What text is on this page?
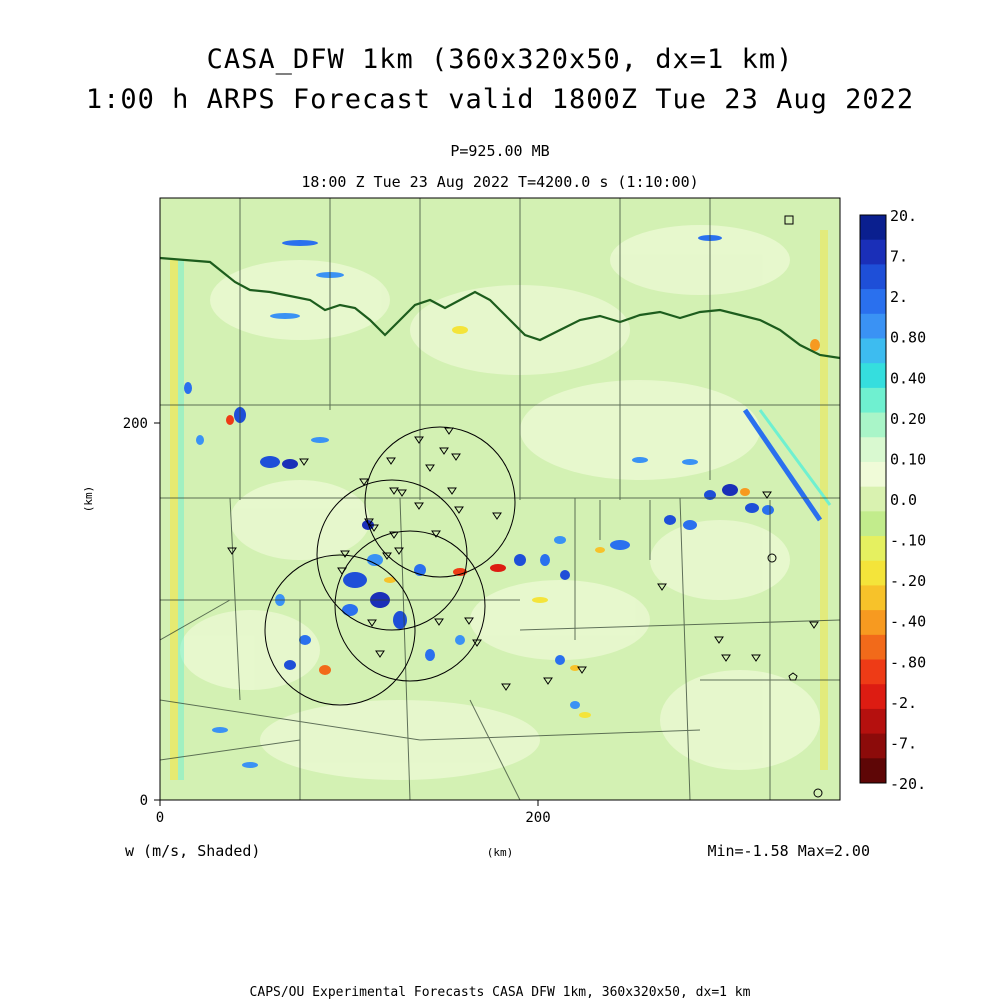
CASA_DFW 1km (360x320x50, dx=1 km)
1:00 h ARPS Forecast valid 1800Z Tue 23 Aug 2022
P=925.00 MB
18:00 Z Tue 23 Aug 2022 T=4200.0 s (1:10:00)
0	200
0
200
(km)
(km)
w (m/s, Shaded)	Min=-1.58 Max=2.00
20.
7.
2.
0.80
0.40
0.20
0.10
0.0
-.10
-.20
-.40
-.80
-2.
-7.
-20.
CAPS/OU Experimental Forecasts CASA DFW 1km, 360x320x50, dx=1 km
